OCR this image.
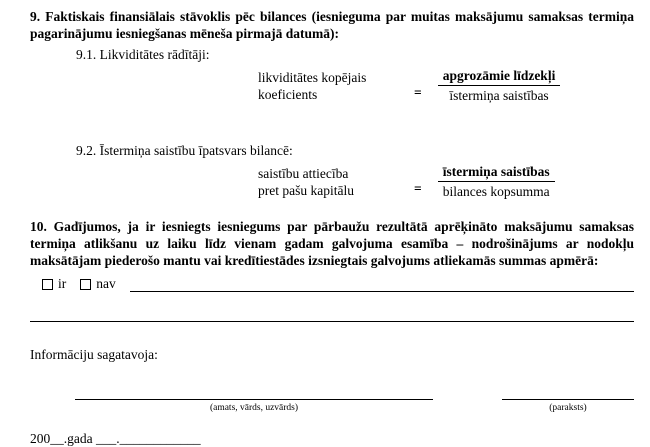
9. Faktiskais finansiālais stāvoklis pēc bilances (iesnieguma par muitas maksājumu samaksas termiņa pagarinājumu iesniegšanas mēneša pirmajā datumā):

9.1. Likviditātes rādītāji:
likviditātes kopējais
koeficients	= $\frac{\text{apgrozāmie līdzekļi}}{\text{īstermiņa saistības}}$
9.2. Īstermiņa saistību īpatsvars bilancē:
saistību attiecība
pret pašu kapitālu	= $\frac{\text{īstermiņa saistības}}{\text{bilances kopsumma}}$

10. Gadījumos, ja ir iesniegts iesniegums par pārbaužu rezultātā aprēķināto maksājumu samaksas termiņa atlikšanu uz laiku līdz vienam gadam galvojuma esamība – nodrošinājums ar nodokļu maksātājam piederošo mantu vai kredītiestādes izsniegtais galvojums atliekamās summas apmērā:

ir nav

Informāciju sagatavoja:

(amats, vārds, uzvārds)	(paraksts)

200__.gada ___.____________
